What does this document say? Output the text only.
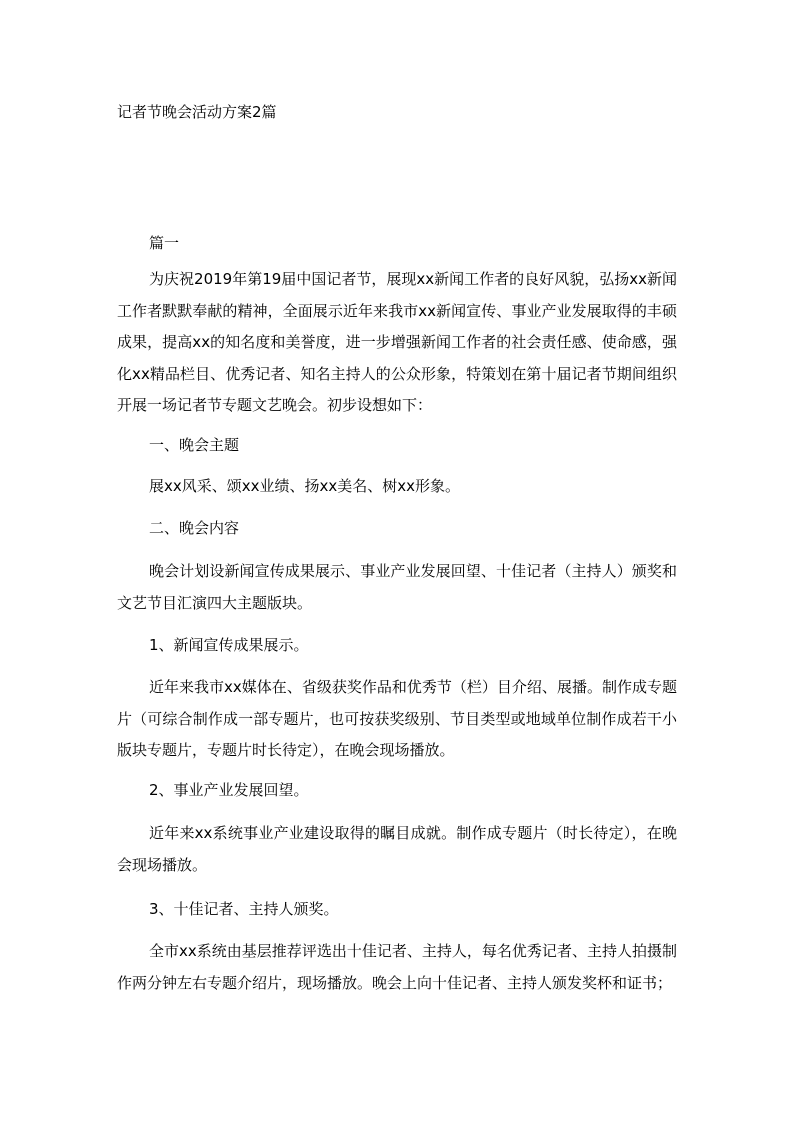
记者节晚会活动方案2篇

篇一

为庆祝2019年第19届中国记者节，展现xx新闻工作者的良好风貌，弘扬xx新闻工作者默默奉献的精神，全面展示近年来我市xx新闻宣传、事业产业发展取得的丰硕成果，提高xx的知名度和美誉度，进一步增强新闻工作者的社会责任感、使命感，强化xx精品栏目、优秀记者、知名主持人的公众形象，特策划在第十届记者节期间组织开展一场记者节专题文艺晚会。初步设想如下：

一、晚会主题

展xx风采、颂xx业绩、扬xx美名、树xx形象。

二、晚会内容

晚会计划设新闻宣传成果展示、事业产业发展回望、十佳记者（主持人）颁奖和文艺节目汇演四大主题版块。

1、新闻宣传成果展示。

近年来我市xx媒体在、省级获奖作品和优秀节（栏）目介绍、展播。制作成专题片（可综合制作成一部专题片，也可按获奖级别、节目类型或地域单位制作成若干小版块专题片，专题片时长待定），在晚会现场播放。

2、事业产业发展回望。

近年来xx系统事业产业建设取得的瞩目成就。制作成专题片（时长待定），在晚会现场播放。

3、十佳记者、主持人颁奖。

全市xx系统由基层推荐评选出十佳记者、主持人，每名优秀记者、主持人拍摄制作两分钟左右专题介绍片，现场播放。晚会上向十佳记者、主持人颁发奖杯和证书；
